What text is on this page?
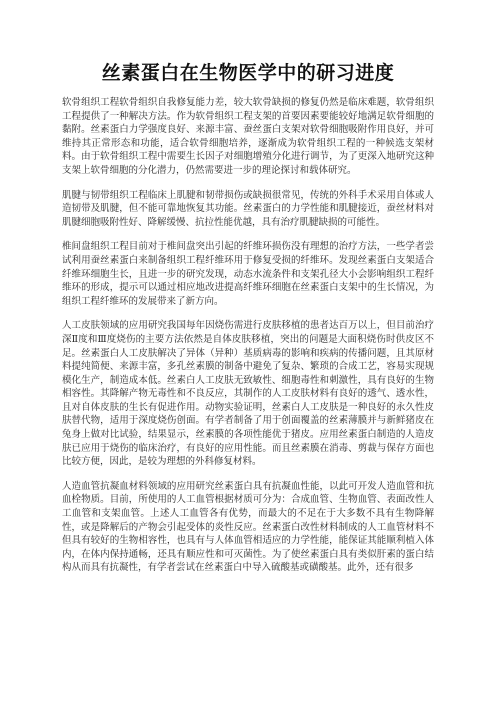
丝素蛋白在生物医学中的研习进度

软骨组织工程软骨组织自我修复能力差，较大软骨缺损的修复仍然是临床难题，软骨组织工程提供了一种解决方法。作为软骨组织工程支架的首要因素要能较好地满足软骨细胞的黏附。丝素蛋白力学强度良好、来源丰富、蚕丝蛋白支架对软骨细胞吸附作用良好，并可维持其正常形态和功能，适合软骨细胞培养，逐渐成为软骨组织工程的一种候选支架材料。由于软骨组织工程中需要生长因子对细胞增殖分化进行调节，为了更深入地研究这种支架上软骨细胞的分化潜力，仍然需要进一步的理论探讨和载体研究。

肌腱与韧带组织工程临床上肌腱和韧带损伤或缺损很常见，传统的外科手术采用自体或人造韧带及肌腱，但不能可靠地恢复其功能。丝素蛋白的力学性能和肌腱接近，蚕丝材料对肌腱细胞吸附性好、降解缓慢、抗拉性能优越，具有治疗肌腱缺损的可能性。

椎间盘组织工程目前对于椎间盘突出引起的纤维环损伤没有理想的治疗方法，一些学者尝试利用蚕丝素蛋白来制备组织工程纤维环用于修复受损的纤维环。发现丝素蛋白支架适合纤维环细胞生长，且进一步的研究发现，动态水流条件和支架孔径大小会影响组织工程纤维环的形成，提示可以通过相应地改进提高纤维环细胞在丝素蛋白支架中的生长情况，为组织工程纤维环的发展带来了新方向。

人工皮肤领域的应用研究我国每年因烧伤需进行皮肤移植的患者达百万以上，但目前治疗深Ⅱ度和Ⅲ度烧伤的主要方法依然是自体皮肤移植，突出的问题是大面积烧伤时供皮区不足。丝素蛋白人工皮肤解决了异体（异种）基质病毒的影响和疾病的传播问题，且其原材料提纯简便、来源丰富，多孔丝素膜的制备中避免了复杂、繁琐的合成工艺，容易实现规模化生产，制造成本低。丝素白人工皮肤无致敏性、细胞毒性和刺激性，具有良好的生物相容性。其降解产物无毒性和不良反应，其制作的人工皮肤材料有良好的透气、透水性，且对自体皮肤的生长有促进作用。动物实验证明，丝素白人工皮肤是一种良好的永久性皮肤替代物，适用于深度烧伤创面。有学者制备了用于创面覆盖的丝素薄膜并与新鲜猪皮在兔身上做对比试验，结果显示，丝素膜的各项性能优于猪皮。应用丝素蛋白制造的人造皮肤已应用于烧伤的临床治疗，有良好的应用性能。而且丝素膜在消毒、剪裁与保存方面也比较方便，因此，是较为理想的外科修复材料。

人造血管抗凝血材料领域的应用研究丝素蛋白具有抗凝血性能，以此可开发人造血管和抗血栓物质。目前，所使用的人工血管根据材质可分为：合成血管、生物血管、表面改性人工血管和支架血管。上述人工血管各有优势，而最大的不足在于大多数不具有生物降解性，或是降解后的产物会引起受体的炎性反应。丝素蛋白改性材料制成的人工血管材料不但具有较好的生物相容性，也具有与人体血管相适应的力学性能，能保证其能顺利植入体内，在体内保持通畅，还具有顺应性和可灭菌性。为了使丝素蛋白具有类似肝素的蛋白结构从而具有抗凝性，有学者尝试在丝素蛋白中导入硫酸基或磺酸基。此外，还有很多
